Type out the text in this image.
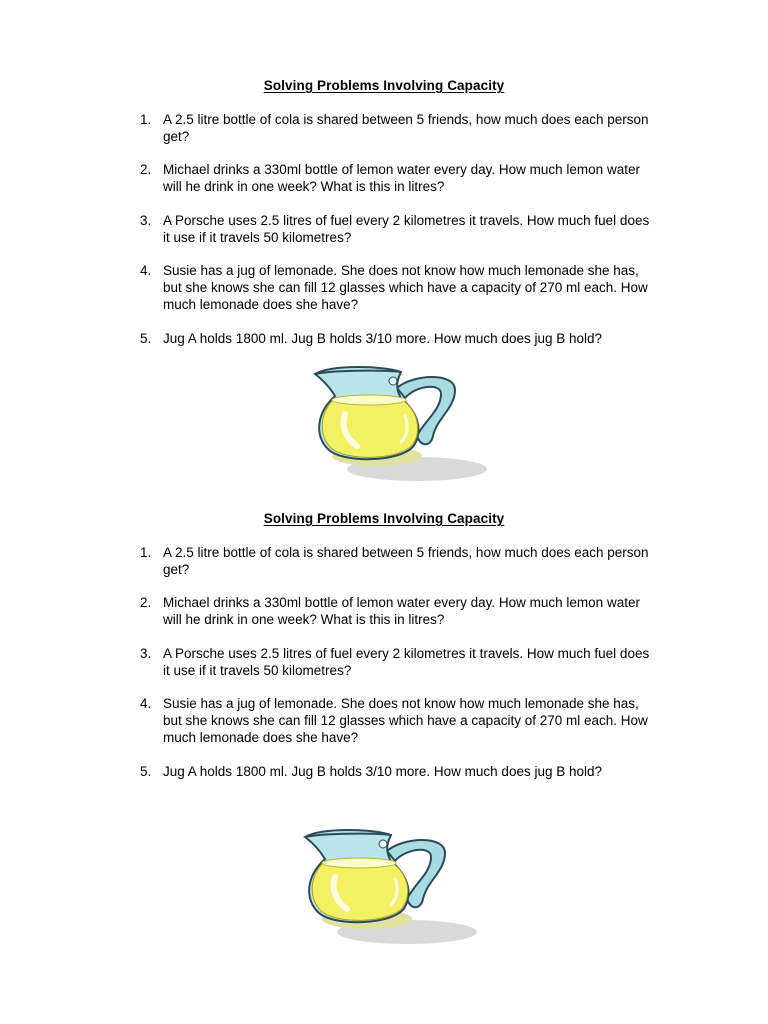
Solving Problems Involving Capacity
1. A 2.5 litre bottle of cola is shared between 5 friends, how much does each person get?
2. Michael drinks a 330ml bottle of lemon water every day. How much lemon water will he drink in one week? What is this in litres?
3. A Porsche uses 2.5 litres of fuel every 2 kilometres it travels. How much fuel does it use if it travels 50 kilometres?
4. Susie has a jug of lemonade. She does not know how much lemonade she has, but she knows she can fill 12 glasses which have a capacity of 270 ml each. How much lemonade does she have?
5. Jug A holds 1800 ml. Jug B holds 3/10 more. How much does jug B hold?
Solving Problems Involving Capacity
1. A 2.5 litre bottle of cola is shared between 5 friends, how much does each person get?
2. Michael drinks a 330ml bottle of lemon water every day. How much lemon water will he drink in one week? What is this in litres?
3. A Porsche uses 2.5 litres of fuel every 2 kilometres it travels. How much fuel does it use if it travels 50 kilometres?
4. Susie has a jug of lemonade. She does not know how much lemonade she has, but she knows she can fill 12 glasses which have a capacity of 270 ml each. How much lemonade does she have?
5. Jug A holds 1800 ml. Jug B holds 3/10 more. How much does jug B hold?
